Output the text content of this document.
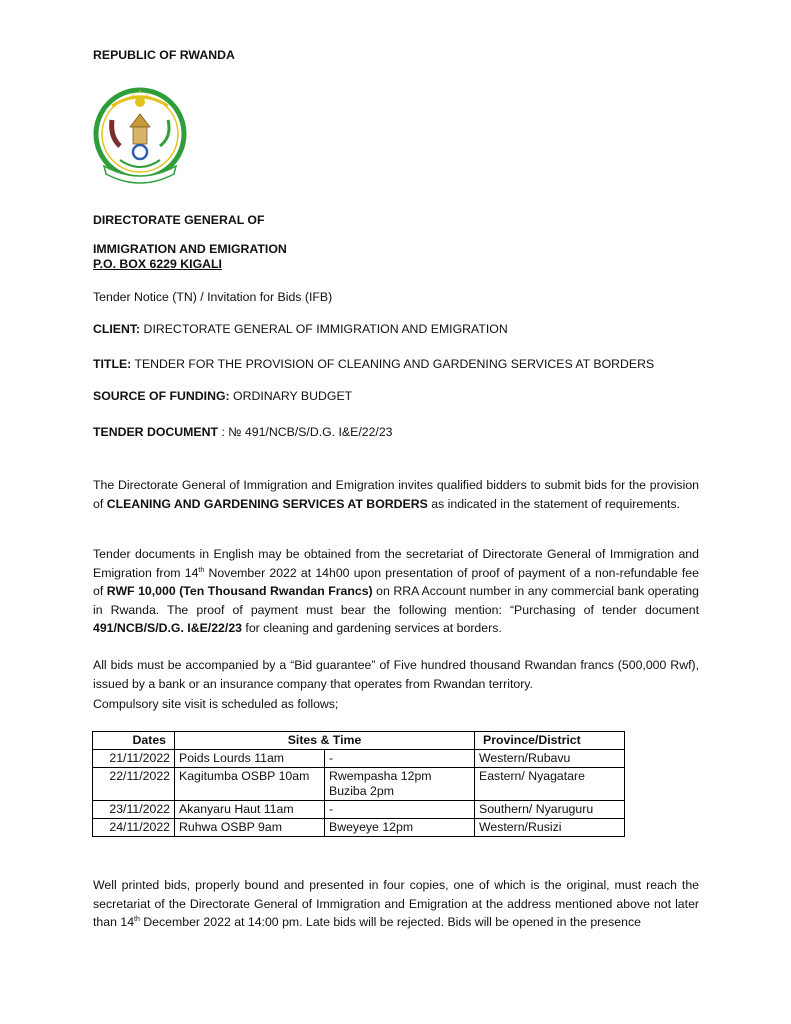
REPUBLIC OF RWANDA
DIRECTORATE GENERAL OF
IMMIGRATION AND EMIGRATION
P.O. BOX 6229 KIGALI
Tender Notice (TN) / Invitation for Bids (IFB)
CLIENT: DIRECTORATE GENERAL OF IMMIGRATION AND EMIGRATION
TITLE: TENDER FOR THE PROVISION OF CLEANING AND GARDENING SERVICES AT BORDERS
SOURCE OF FUNDING: ORDINARY BUDGET
TENDER DOCUMENT : № 491/NCB/S/D.G. I&E/22/23

The Directorate General of Immigration and Emigration invites qualified bidders to submit bids for the provision of CLEANING AND GARDENING SERVICES AT BORDERS as indicated in the statement of requirements.

Tender documents in English may be obtained from the secretariat of Directorate General of Immigration and Emigration from 14th November 2022 at 14h00 upon presentation of proof of payment of a non-refundable fee of RWF 10,000 (Ten Thousand Rwandan Francs) on RRA Account number in any commercial bank operating in Rwanda. The proof of payment must bear the following mention: “Purchasing of tender document 491/NCB/S/D.G. I&E/22/23 for cleaning and gardening services at borders.

All bids must be accompanied by a “Bid guarantee” of Five hundred thousand Rwandan francs (500,000 Rwf), issued by a bank or an insurance company that operates from Rwandan territory.

Compulsory site visit is scheduled as follows;
Dates	Sites & Time		Province/District
21/11/2022	Poids Lourds 11am	-	Western/Rubavu
22/11/2022	Kagitumba OSBP 10am	Rwempasha 12pm
Buziba 2pm	Eastern/ Nyagatare
23/11/2022	Akanyaru Haut 11am	-	Southern/ Nyaruguru
24/11/2022	Ruhwa OSBP 9am	Bweyeye 12pm	Western/Rusizi

Well printed bids, properly bound and presented in four copies, one of which is the original, must reach the secretariat of the Directorate General of Immigration and Emigration at the address mentioned above not later than 14th December 2022 at 14:00 pm. Late bids will be rejected. Bids will be opened in the presence
